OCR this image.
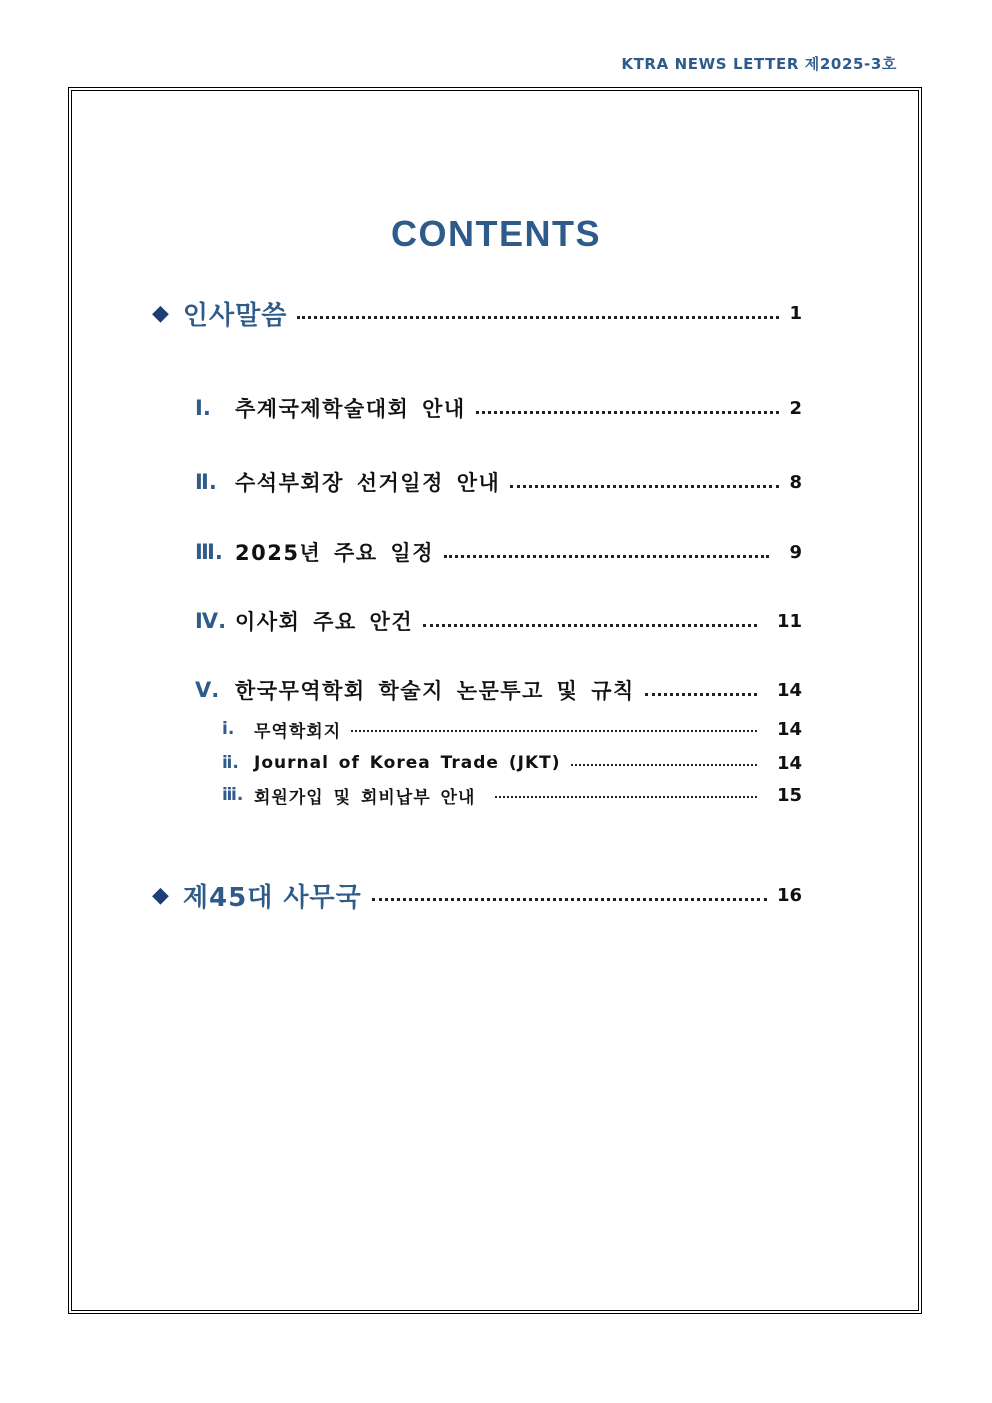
KTRA NEWS LETTER 제2025-3호
CONTENTS
◆ 인사말씀	1
Ⅰ.	추계국제학술대회 안내	2
Ⅱ. 수석부회장 선거일정 안내	8
Ⅲ. 2025년 주요 일정	9
Ⅳ. 이사회 주요 안건	11
Ⅴ. 한국무역학회 학술지 논문투고 및 규칙	14
ⅰ.	무역학회지	14
ⅱ. Journal of Korea Trade (JKT)	14
ⅲ. 회원가입 및 회비납부 안내	15
◆ 제45대 사무국	16
